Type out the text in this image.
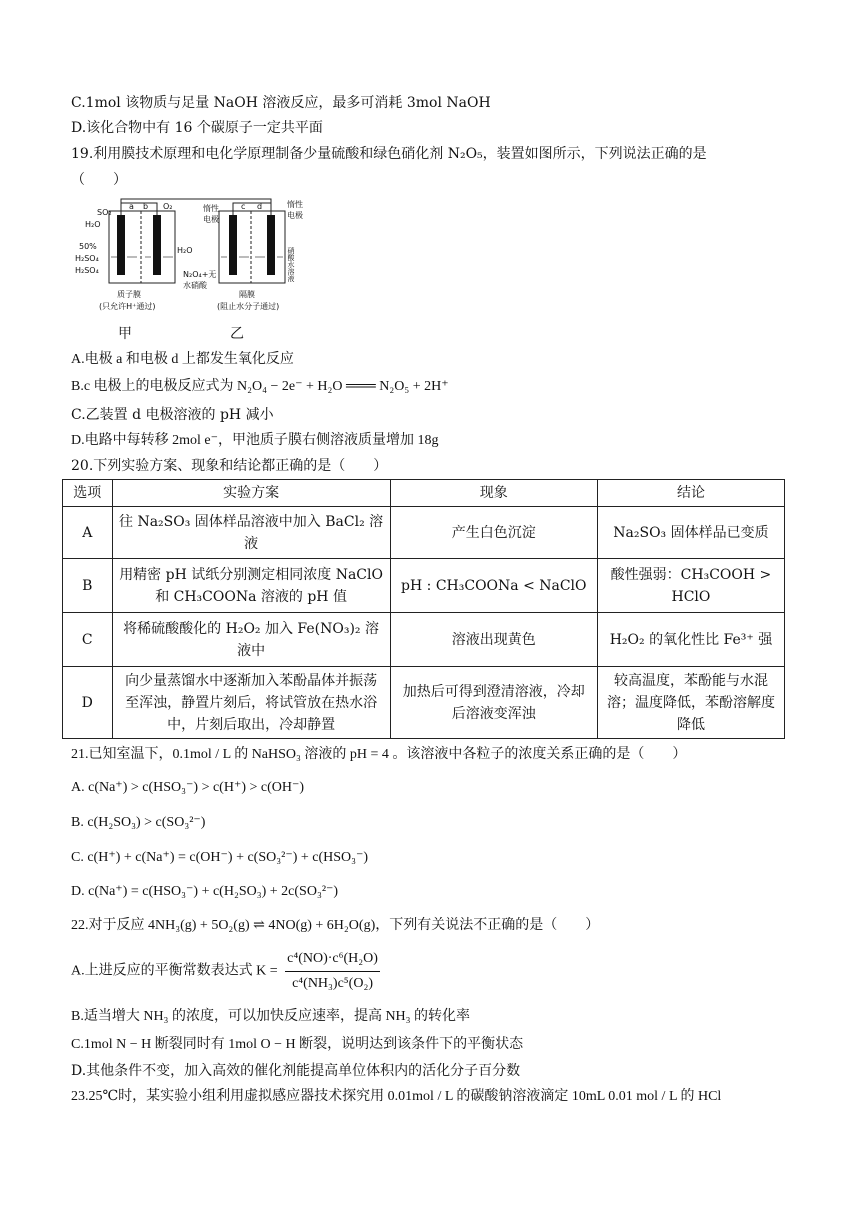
C.1mol 该物质与足量 NaOH 溶液反应，最多可消耗 3mol NaOH
D.该化合物中有 16 个碳原子一定共平面
19.利用膜技术原理和电化学原理制备少量硫酸和绿色硝化剂 N₂O₅，装置如图所示，下列说法正确的是
（　　）
SO₂
H₂O
50%
H₂SO₄
H₂SO₄
a b O₂
H₂O
惰性
电极
c d	惰性
电极
N₂O₄+无
水硝酸
硝酸水溶液
质子膜
(只允许H⁺通过)
隔膜
(阻止水分子通过)
甲	乙
A.电极 a 和电极 d 上都发生氧化反应
B.c 电极上的电极反应式为 N₂O₄ − 2e⁻ + H₂O ═══ N₂O₅ + 2H⁺
C.乙装置 d 电极溶液的 pH 减小
D.电路中每转移 2mol e⁻，甲池质子膜右侧溶液质量增加 18g
20.下列实验方案、现象和结论都正确的是（　　）
选项	实验方案	现象	结论
A	往 Na₂SO₃ 固体样品溶液中加入 BaCl₂ 溶液	产生白色沉淀	Na₂SO₃ 固体样品已变质
B	用精密 pH 试纸分别测定相同浓度 NaClO 和 CH₃COONa 溶液的 pH 值	pH : CH₃COONa < NaClO	酸性强弱：CH₃COOH > HClO
C	将稀硫酸酸化的 H₂O₂ 加入 Fe(NO₃)₂ 溶液中	溶液出现黄色	H₂O₂ 的氧化性比 Fe³⁺ 强
D	向少量蒸馏水中逐渐加入苯酚晶体并振荡至浑浊，静置片刻后，将试管放在热水浴中，片刻后取出，冷却静置	加热后可得到澄清溶液，冷却后溶液变浑浊	较高温度，苯酚能与水混溶；温度降低，苯酚溶解度降低
21.已知室温下，0.1mol / L 的 NaHSO₃ 溶液的 pH = 4 。该溶液中各粒子的浓度关系正确的是（　　）
A. c(Na⁺) > c(HSO₃⁻) > c(H⁺) > c(OH⁻)
B. c(H₂SO₃) > c(SO₃²⁻)
C. c(H⁺) + c(Na⁺) = c(OH⁻) + c(SO₃²⁻) + c(HSO₃⁻)
D. c(Na⁺) = c(HSO₃⁻) + c(H₂SO₃) + 2c(SO₃²⁻)
22.对于反应 4NH₃(g) + 5O₂(g) ⇌ 4NO(g) + 6H₂O(g)，下列有关说法不正确的是（　　）
A.上进反应的平衡常数表达式 $K = \frac{\text{c⁴(NO)·c⁶(H₂O)}}{\text{c⁴(NH₃)c⁵(O₂)}}$
B.适当增大 NH₃ 的浓度，可以加快反应速率，提高 NH₃ 的转化率
C.1mol N − H 断裂同时有 1mol O − H 断裂，说明达到该条件下的平衡状态
D.其他条件不变，加入高效的催化剂能提高单位体积内的活化分子百分数
23.25℃时，某实验小组利用虚拟感应器技术探究用 0.01mol / L 的碳酸钠溶液滴定 10mL 0.01 mol / L 的 HCl
